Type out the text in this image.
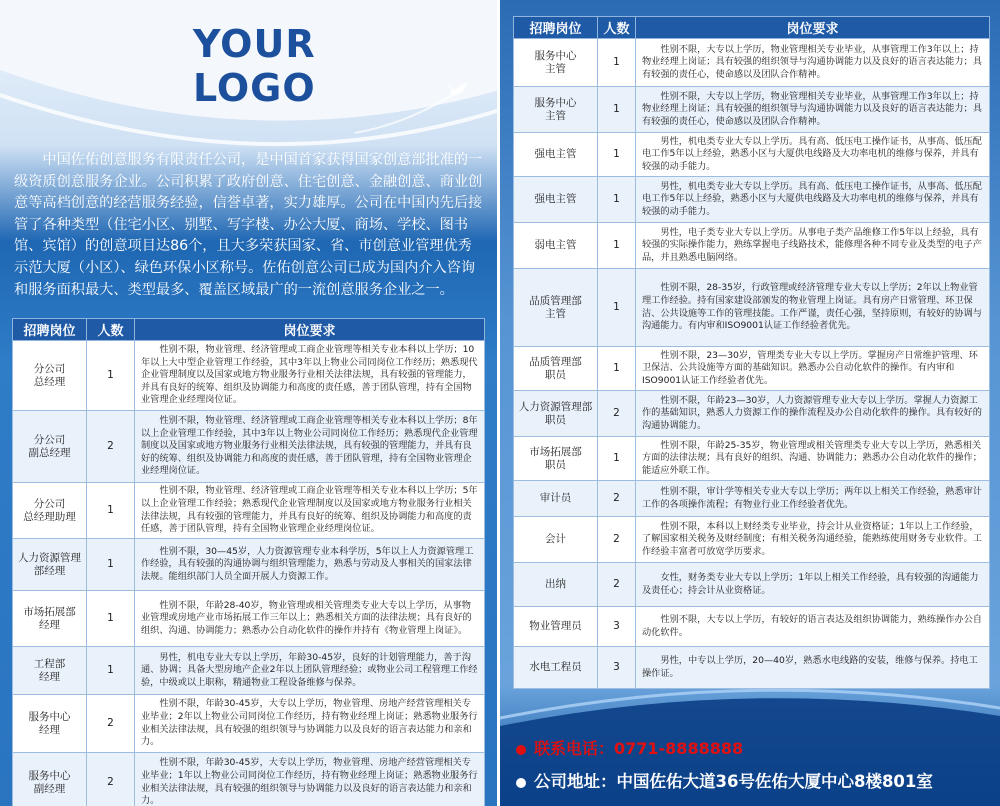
YOUR
LOGO
中国佐佑创意服务有限责任公司，是中国首家获得国家创意部批准的一级资质创意服务企业。公司积累了政府创意、住宅创意、金融创意、商业创意等高档创意的经营服务经验，信誉卓著，实力雄厚。公司在中国内先后接管了各种类型（住宅小区、别墅、写字楼、办公大厦、商场、学校、图书馆、宾馆）的创意项目达86个，且大多荣获国家、省、市创意业管理优秀示范大厦（小区）、绿色环保小区称号。佐佑创意公司已成为国内介入咨询和服务面积最大、类型最多、覆盖区域最广的一流创意服务企业之一。
招聘岗位	人数	岗位要求
分公司
总经理	1	性别不限，物业管理、经济管理或工商企业管理等相关专业本科以上学历；10年以上大中型企业管理工作经验，其中3年以上物业公司同岗位工作经历；熟悉现代企业管理制度以及国家或地方物业服务行业相关法律法规，具有较强的管理能力，并具有良好的统筹、组织及协调能力和高度的责任感，善于团队管理，持有全国物业管理企业经理岗位证。
分公司
副总经理	2	性别不限，物业管理、经济管理或工商企业管理等相关专业本科以上学历；8年以上企业管理工作经验，其中3年以上物业公司同岗位工作经历；熟悉现代企业管理制度以及国家或地方物业服务行业相关法律法规，具有较强的管理能力，并具有良好的统筹、组织及协调能力和高度的责任感，善于团队管理，持有全国物业管理企业经理岗位证。
分公司
总经理助理	1	性别不限，物业管理、经济管理或工商企业管理等相关专业本科以上学历；5年以上企业管理工作经验；熟悉现代企业管理制度以及国家或地方物业服务行业相关法律法规，具有较强的管理能力，并具有良好的统筹、组织及协调能力和高度的责任感，善于团队管理，持有全国物业管理企业经理岗位证。
人力资源管理
部经理	1	性别不限，30—45岁，人力资源管理专业本科学历，5年以上人力资源管理工作经验，具有较强的沟通协调与组织管理能力，熟悉与劳动及人事相关的国家法律法规。能组织部门人员全面开展人力资源工作。
市场拓展部
经理	1	性别不限，年龄28-40岁，物业管理或相关管理类专业大专以上学历，从事物业管理或房地产业市场拓展工作三年以上；熟悉相关方面的法律法规；具有良好的组织、沟通、协调能力；熟悉办公自动化软件的操作并持有《物业管理上岗证》。
工程部
经理	1	男性，机电专业大专以上学历，年龄30-45岁，良好的计划管理能力，善于沟通、协调；具备大型房地产企业2年以上团队管理经验；或物业公司工程管理工作经验，中级或以上职称，精通物业工程设备维修与保养。
服务中心
经理	2	性别不限，年龄30-45岁，大专以上学历，物业管理、房地产经营管理相关专业毕业；2年以上物业公司同岗位工作经历，持有物业经理上岗证；熟悉物业服务行业相关法律法规，具有较强的组织领导与协调能力以及良好的语言表达能力和亲和力。
服务中心
副经理	2	性别不限，年龄30-45岁，大专以上学历，物业管理、房地产经营管理相关专业毕业；1年以上物业公司同岗位工作经历，持有物业经理上岗证；熟悉物业服务行业相关法律法规，具有较强的组织领导与协调能力以及良好的语言表达能力和亲和力。
招聘岗位	人数	岗位要求
服务中心
主管	1	性别不限，大专以上学历，物业管理相关专业毕业，从事管理工作3年以上；持物业经理上岗证；具有较强的组织领导与沟通协调能力以及良好的语言表达能力；具有较强的责任心，使命感以及团队合作精神。
服务中心
主管	1	性别不限，大专以上学历，物业管理相关专业毕业，从事管理工作3年以上；持物业经理上岗证；具有较强的组织领导与沟通协调能力以及良好的语言表达能力；具有较强的责任心，使命感以及团队合作精神。
强电主管	1	男性，机电类专业大专以上学历。具有高、低压电工操作证书，从事高、低压配电工作5年以上经验，熟悉小区与大厦供电线路及大功率电机的维修与保养，并具有较强的动手能力。
强电主管	1	男性，机电类专业大专以上学历。具有高、低压电工操作证书，从事高、低压配电工作5年以上经验，熟悉小区与大厦供电线路及大功率电机的维修与保养，并具有较强的动手能力。
弱电主管	1	男性，电子类专业大专以上学历。从事电子类产品维修工作5年以上经验，具有较强的实际操作能力，熟练掌握电子线路技术，能修理各种不同专业及类型的电子产品，并且熟悉电脑网络。
品质管理部
主管	1	性别不限，28-35岁，行政管理或经济管理专业大专以上学历；2年以上物业管理工作经验。持有国家建设部颁发的物业管理上岗证。具有房产日常管理、环卫保洁、公共设施等工作的管理技能。工作严谨，责任心强，坚持原则，有较好的协调与沟通能力。有内审和ISO9001认证工作经验者优先。
品质管理部
职员	1	性别不限，23—30岁，管理类专业大专以上学历。掌握房产日常维护管理、环卫保洁、公共设施等方面的基础知识。熟悉办公自动化软件的操作。有内审和ISO9001认证工作经验者优先。
人力资源管理部
职员	2	性别不限，年龄23—30岁，人力资源管理专业大专以上学历。掌握人力资源工作的基础知识，熟悉人力资源工作的操作流程及办公自动化软件的操作。具有较好的沟通协调能力。
市场拓展部
职员	1	性别不限，年龄25-35岁，物业管理或相关管理类专业大专以上学历，熟悉相关方面的法律法规；具有良好的组织、沟通、协调能力；熟悉办公自动化软件的操作；能适应外联工作。
审计员	2	性别不限，审计学等相关专业大专以上学历；两年以上相关工作经验，熟悉审计工作的各项操作流程；有物业行业工作经验者优先。
会计	2	性别不限，本科以上财经类专业毕业，持会计从业资格证；1年以上工作经验，了解国家相关税务及财经制度；有相关税务沟通经验，能熟练使用财务专业软件。工作经验丰富者可放宽学历要求。
出纳	2	女性，财务类专业大专以上学历；1年以上相关工作经验，具有较强的沟通能力及责任心；持会计从业资格证。
物业管理员	3	性别不限，大专以上学历，有较好的语言表达及组织协调能力，熟练操作办公自动化软件。
水电工程员	3	男性，中专以上学历，20—40岁，熟悉水电线路的安装，维修与保养。持电工操作证。
联系电话：0771-8888888
公司地址：中国佐佑大道36号佐佑大厦中心8楼801室
